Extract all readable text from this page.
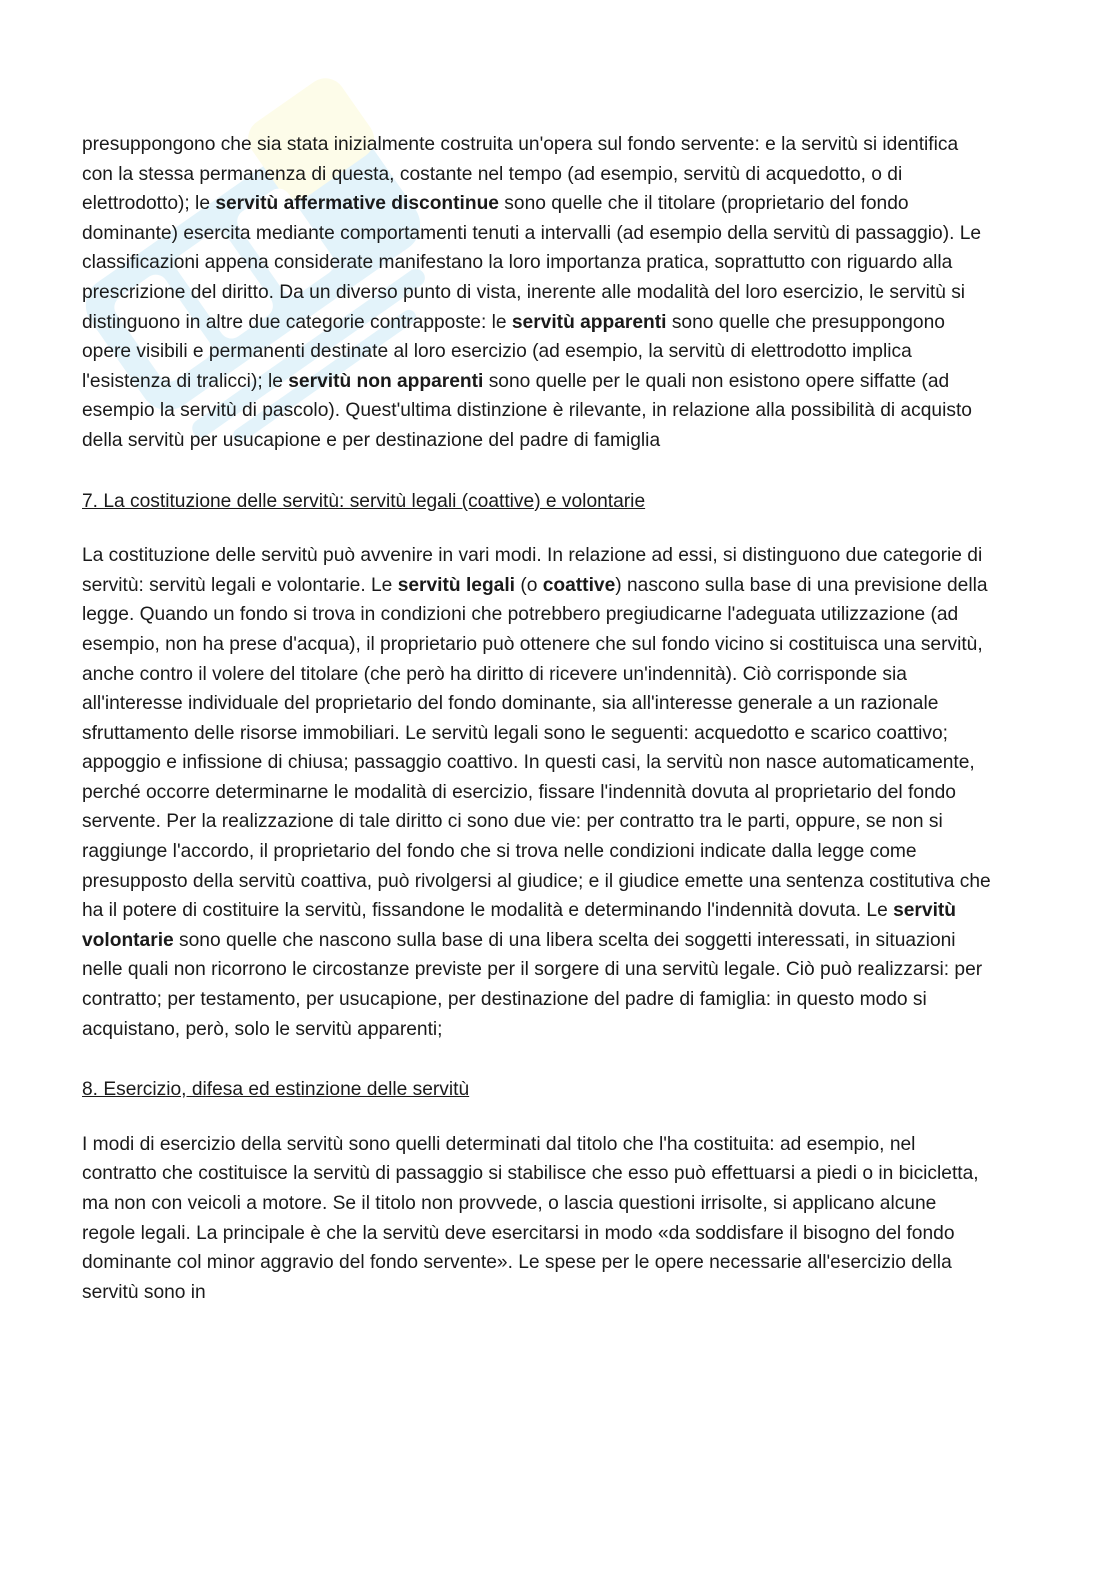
presuppongono che sia stata inizialmente costruita un'opera sul fondo servente: e la servitù si identifica con la stessa permanenza di questa, costante nel tempo (ad esempio, servitù di acquedotto, o di elettrodotto); le servitù affermative discontinue sono quelle che il titolare (proprietario del fondo dominante) esercita mediante comportamenti tenuti a intervalli (ad esempio della servitù di passaggio). Le classificazioni appena considerate manifestano la loro importanza pratica, soprattutto con riguardo alla prescrizione del diritto. Da un diverso punto di vista, inerente alle modalità del loro esercizio, le servitù si distinguono in altre due categorie contrapposte: le servitù apparenti sono quelle che presuppongono opere visibili e permanenti destinate al loro esercizio (ad esempio, la servitù di elettrodotto implica l'esistenza di tralicci); le servitù non apparenti sono quelle per le quali non esistono opere siffatte (ad esempio la servitù di pascolo). Quest'ultima distinzione è rilevante, in relazione alla possibilità di acquisto della servitù per usucapione e per destinazione del padre di famiglia

7. La costituzione delle servitù: servitù legali (coattive) e volontarie

La costituzione delle servitù può avvenire in vari modi. In relazione ad essi, si distinguono due categorie di servitù: servitù legali e volontarie. Le servitù legali (o coattive) nascono sulla base di una previsione della legge. Quando un fondo si trova in condizioni che potrebbero pregiudicarne l'adeguata utilizzazione (ad esempio, non ha prese d'acqua), il proprietario può ottenere che sul fondo vicino si costituisca una servitù, anche contro il volere del titolare (che però ha diritto di ricevere un'indennità). Ciò corrisponde sia all'interesse individuale del proprietario del fondo dominante, sia all'interesse generale a un razionale sfruttamento delle risorse immobiliari. Le servitù legali sono le seguenti: acquedotto e scarico coattivo; appoggio e infissione di chiusa; passaggio coattivo. In questi casi, la servitù non nasce automaticamente, perché occorre determinarne le modalità di esercizio, fissare l'indennità dovuta al proprietario del fondo servente. Per la realizzazione di tale diritto ci sono due vie: per contratto tra le parti, oppure, se non si raggiunge l'accordo, il proprietario del fondo che si trova nelle condizioni indicate dalla legge come presupposto della servitù coattiva, può rivolgersi al giudice; e il giudice emette una sentenza costitutiva che ha il potere di costituire la servitù, fissandone le modalità e determinando l'indennità dovuta. Le servitù volontarie sono quelle che nascono sulla base di una libera scelta dei soggetti interessati, in situazioni nelle quali non ricorrono le circostanze previste per il sorgere di una servitù legale. Ciò può realizzarsi: per contratto; per testamento, per usucapione, per destinazione del padre di famiglia: in questo modo si acquistano, però, solo le servitù apparenti;

8. Esercizio, difesa ed estinzione delle servitù

I modi di esercizio della servitù sono quelli determinati dal titolo che l'ha costituita: ad esempio, nel contratto che costituisce la servitù di passaggio si stabilisce che esso può effettuarsi a piedi o in bicicletta, ma non con veicoli a motore. Se il titolo non provvede, o lascia questioni irrisolte, si applicano alcune regole legali. La principale è che la servitù deve esercitarsi in modo «da soddisfare il bisogno del fondo dominante col minor aggravio del fondo servente». Le spese per le opere necessarie all'esercizio della servitù sono in
